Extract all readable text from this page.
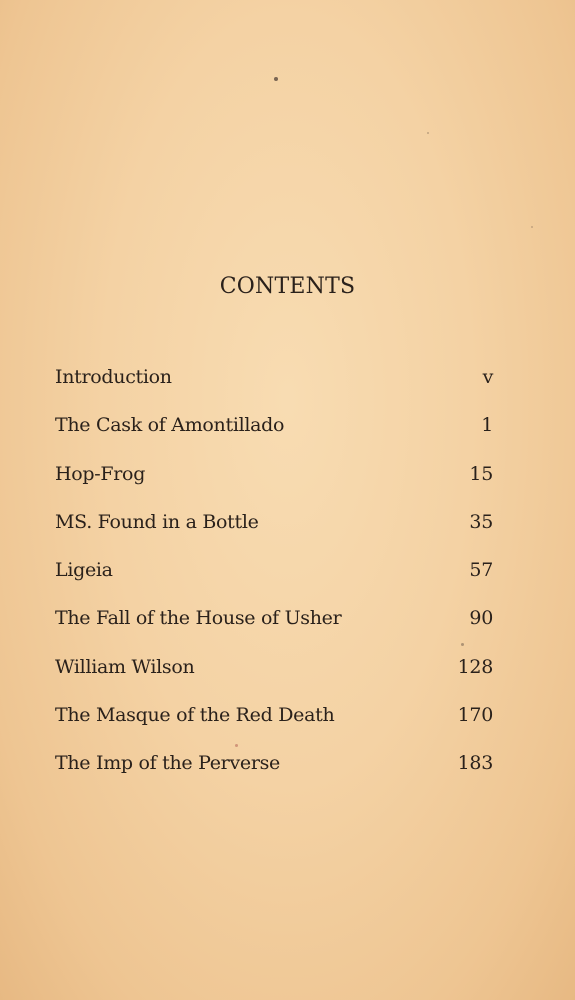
CONTENTS
Introduction	v
The Cask of Amontillado	1
Hop-Frog	15
MS. Found in a Bottle	35
Ligeia	57
The Fall of the House of Usher	90
William Wilson	128
The Masque of the Red Death	170
The Imp of the Perverse	183
